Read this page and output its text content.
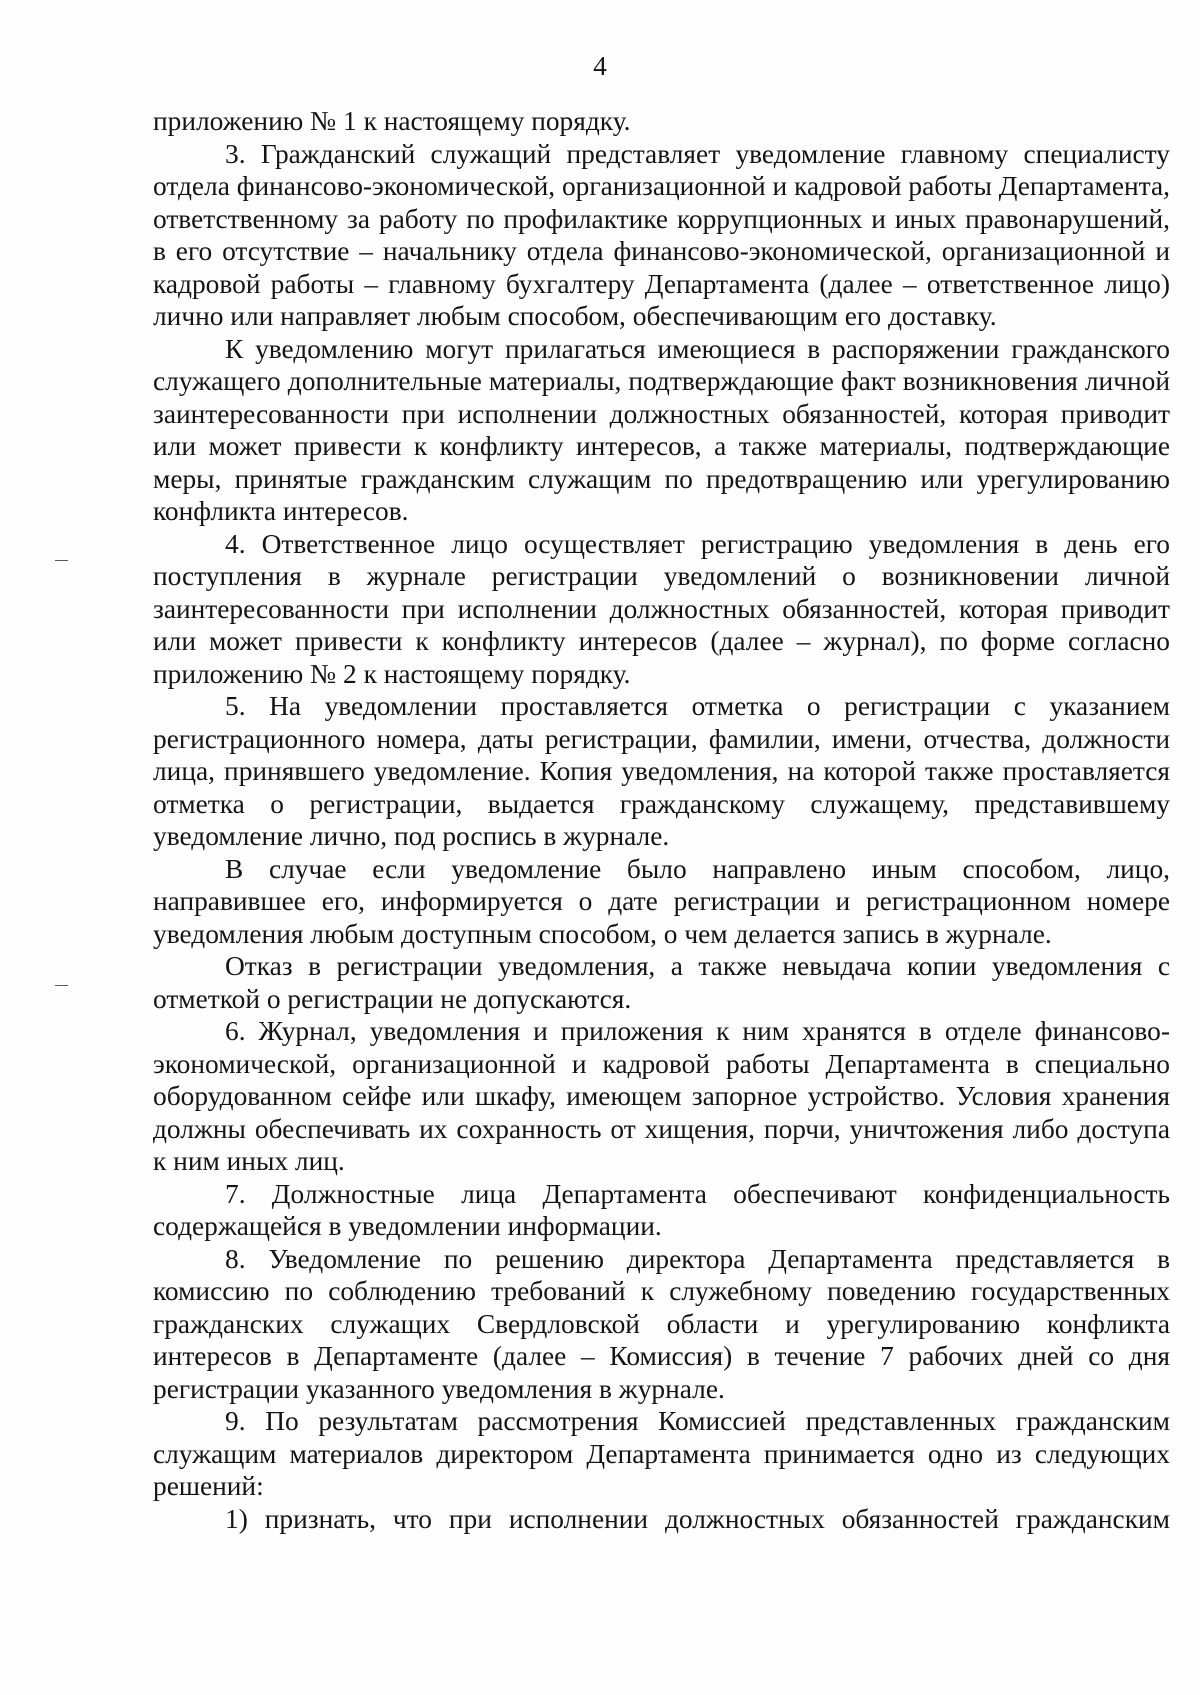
4

приложению № 1 к настоящему порядку.

3. Гражданский служащий представляет уведомление главному специалисту отдела финансово-экономической, организационной и кадровой работы Департамента, ответственному за работу по профилактике коррупционных и иных правонарушений, в его отсутствие – начальнику отдела финансово-экономической, организационной и кадровой работы – главному бухгалтеру Департамента (далее – ответственное лицо) лично или направляет любым способом, обеспечивающим его доставку.

К уведомлению могут прилагаться имеющиеся в распоряжении гражданского служащего дополнительные материалы, подтверждающие факт возникновения личной заинтересованности при исполнении должностных обязанностей, которая приводит или может привести к конфликту интересов, а также материалы, подтверждающие меры, принятые гражданским служащим по предотвращению или урегулированию конфликта интересов.

4. Ответственное лицо осуществляет регистрацию уведомления в день его поступления в журнале регистрации уведомлений о возникновении личной заинтересованности при исполнении должностных обязанностей, которая приводит или может привести к конфликту интересов (далее – журнал), по форме согласно приложению № 2 к настоящему порядку.

5. На уведомлении проставляется отметка о регистрации с указанием регистрационного номера, даты регистрации, фамилии, имени, отчества, должности лица, принявшего уведомление. Копия уведомления, на которой также проставляется отметка о регистрации, выдается гражданскому служащему, представившему уведомление лично, под роспись в журнале.

В случае если уведомление было направлено иным способом, лицо, направившее его, информируется о дате регистрации и регистрационном номере уведомления любым доступным способом, о чем делается запись в журнале.

Отказ в регистрации уведомления, а также невыдача копии уведомления с отметкой о регистрации не допускаются.

6. Журнал, уведомления и приложения к ним хранятся в отделе финансово-экономической, организационной и кадровой работы Департамента в специально оборудованном сейфе или шкафу, имеющем запорное устройство. Условия хранения должны обеспечивать их сохранность от хищения, порчи, уничтожения либо доступа к ним иных лиц.

7. Должностные лица Департамента обеспечивают конфиденциальность содержащейся в уведомлении информации.

8. Уведомление по решению директора Департамента представляется в комиссию по соблюдению требований к служебному поведению государственных гражданских служащих Свердловской области и урегулированию конфликта интересов в Департаменте (далее – Комиссия) в течение 7 рабочих дней со дня регистрации указанного уведомления в журнале.

9. По результатам рассмотрения Комиссией представленных гражданским служащим материалов директором Департамента принимается одно из следующих решений:

1) признать, что при исполнении должностных обязанностей гражданским
